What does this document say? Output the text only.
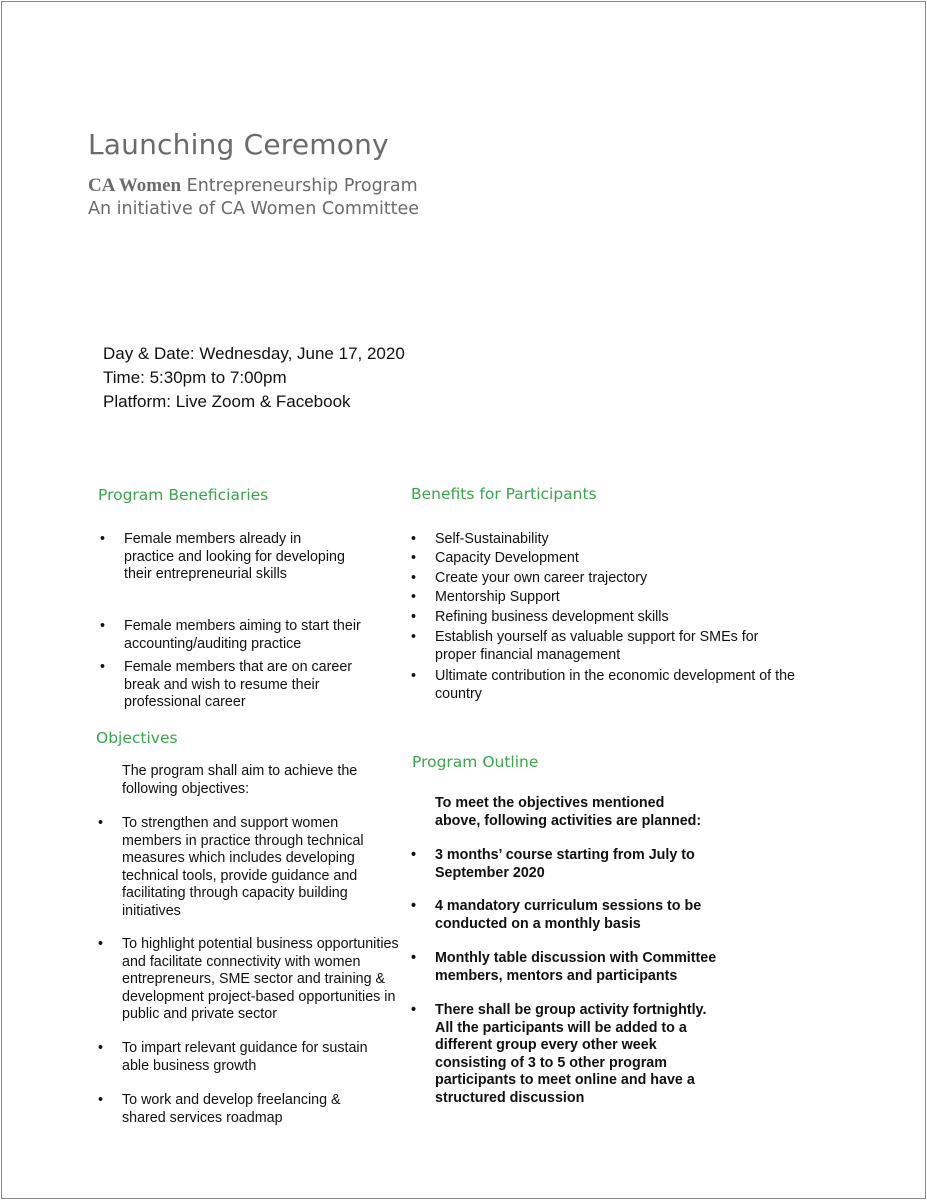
Launching Ceremony
CA Women Entrepreneurship Program
An initiative of CA Women Committee
Day & Date: Wednesday, June 17, 2020
Time: 5:30pm to 7:00pm
Platform: Live Zoom & Facebook
Program Beneficiaries
• Female members already in practice and looking for developing their entrepreneurial skills
• Female members aiming to start their accounting/auditing practice
• Female members that are on career break and wish to resume their professional career
Objectives
The program shall aim to achieve the following objectives:
• To strengthen and support women members in practice through technical measures which includes developing technical tools, provide guidance and facilitating through capacity building initiatives
• To highlight potential business opportunities and facilitate connectivity with women entrepreneurs, SME sector and training & development project-based opportunities in public and private sector
• To impart relevant guidance for sustain able business growth
• To work and develop freelancing & shared services roadmap
Benefits for Participants
• Self-Sustainability
• Capacity Development
• Create your own career trajectory
• Mentorship Support
• Refining business development skills
• Establish yourself as valuable support for SMEs for proper financial management
• Ultimate contribution in the economic development of the country
Program Outline
To meet the objectives mentioned above, following activities are planned:
• 3 months’ course starting from July to September 2020
• 4 mandatory curriculum sessions to be conducted on a monthly basis
• Monthly table discussion with Committee members, mentors and participants
• There shall be group activity fortnightly. All the participants will be added to a different group every other week consisting of 3 to 5 other program participants to meet online and have a structured discussion
